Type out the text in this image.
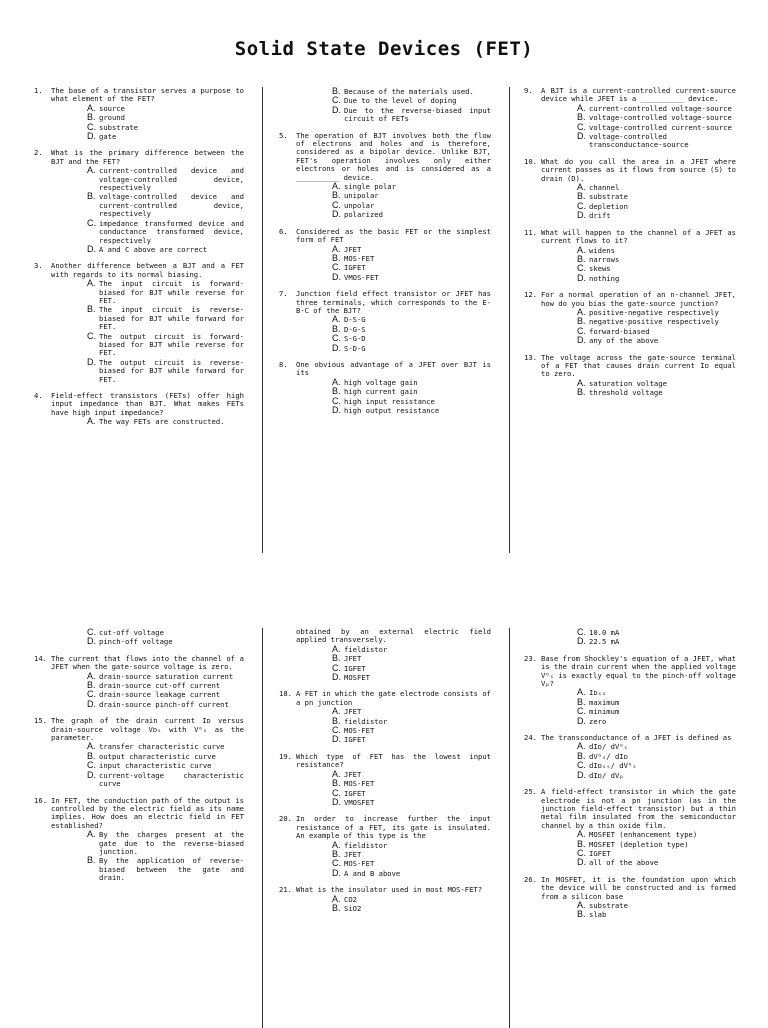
Solid State Devices (FET)
1. The base of a transistor serves a purpose to what element of the FET?
A. source
B. ground
C. substrate
D. gate
2. What is the primary difference between the BJT and the FET?
A. current-controlled device and voltage-controlled device, respectively
B. voltage-controlled device and current-controlled device, respectively
C. impedance transformed device and conductance transformed device, respectively
D. A and C above are correct
3. Another difference between a BJT and a FET with regards to its normal biasing.
A. The input circuit is forward-biased for BJT while reverse for FET.
B. The input circuit is reverse-biased for BJT while forward for FET.
C. The output circuit is forward-biased for BJT while reverse for FET.
D. The output circuit is reverse-biased for BJT while forward for FET.
4. Field-effect transistors (FETs) offer high input impedance than BJT. What makes FETs have high input impedance?
A. The way FETs are constructed.
B. Because of the materials used.
C. Due to the level of doping
D. Due to the reverse-biased input circuit of FETs
5. The operation of BJT involves both the flow of electrons and holes and is therefore, considered as a bipolar device. Unlike BJT, FET's operation involves only either electrons or holes and is considered as a __________ device.
A. single polar
B. unipolar
C. unpolar
D. polarized
6. Considered as the basic FET or the simplest form of FET
A. JFET
B. MOS-FET
C. IGFET
D. VMOS-FET
7. Junction field effect transistor or JFET has three terminals, which corresponds to the E-B-C of the BJT?
A. D-S-G
B. D-G-S
C. S-G-D
D. S-D-G
8. One obvious advantage of a JFET over BJT is its
A. high voltage gain
B. high current gain
C. high input resistance
D. high output resistance
9. A BJT is a current-controlled current-source device while JFET is a __________ device.
A. current-controlled voltage-source
B. voltage-controlled voltage-source
C. voltage-controlled current-source
D. voltage-controlled transconductance-source
10. What do you call the area in a JFET where current passes as it flows from source (S) to drain (D).
A. channel
B. substrate
C. depletion
D. drift
11. What will happen to the channel of a JFET as current flows to it?
A. widens
B. narrows
C. skews
D. nothing
12. For a normal operation of an n-channel JFET, how do you bias the gate-source junction?
A. positive-negative respectively
B. negative-positive respectively
C. forward-biased
D. any of the above
13. The voltage across the gate-source terminal of a FET that causes drain current Iᴅ equal to zero.
A. saturation voltage
B. threshold voltage
C. cut-off voltage
D. pinch-off voltage
14. The current that flows into the channel of a JFET when the gate-source voltage is zero.
A. drain-source saturation current
B. drain-source cut-off current
C. drain-source leakage current
D. drain-source pinch-off current
15. The graph of the drain current Iᴅ versus drain-source voltage Vᴅₛ with Vᴳₛ as the parameter.
A. transfer characteristic curve
B. output characteristic curve
C. input characteristic curve
D. current-voltage characteristic curve
16. In FET, the conduction path of the output is controlled by the electric field as its name implies. How does an electric field in FET established?
A. By the charges present at the gate due to the reverse-biased junction.
B. By the application of reverse-biased between the gate and drain.
obtained by an external electric field applied transversely.
A. fieldistor
B. JFET
C. IGFET
D. MOSFET
18. A FET in which the gate electrode consists of a pn junction
A. JFET
B. fieldistor
C. MOS-FET
D. IGFET
19. Which type of FET has the lowest input resistance?
A. JFET
B. MOS-FET
C. IGFET
D. VMOSFET
20. In order to increase further the input resistance of a FET, its gate is insulated. An example of this type is the
A. fieldistor
B. JFET
C. MOS-FET
D. A and B above
21. What is the insulator used in most MOS-FET?
A. CO2
B. SiO2
C. 10.0 mA
D. 22.5 mA
23. Base from Shockley's equation of a JFET, what is the drain current when the applied voltage Vᴳₛ is exactly equal to the pinch-off voltage Vₚ?
A. Iᴅₛₛ
B. maximum
C. minimum
D. zero
24. The transconductance of a JFET is defined as
A. dIᴅ/ dVᴳₛ
B. dVᴳₛ/ dIᴅ
C. dIᴅₛₛ/ dVᴳₛ
D. dIᴅ/ dVₚ
25. A field-effect transistor in which the gate electrode is not a pn junction (as in the junction field-effect transistor) but a thin metal film insulated from the semiconductor channel by a thin oxide film.
A. MOSFET (enhancement type)
B. MOSFET (depletion type)
C. IGFET
D. all of the above
26. In MOSFET, it is the foundation upon which the device will be constructed and is formed from a silicon base
A. substrate
B. slab
